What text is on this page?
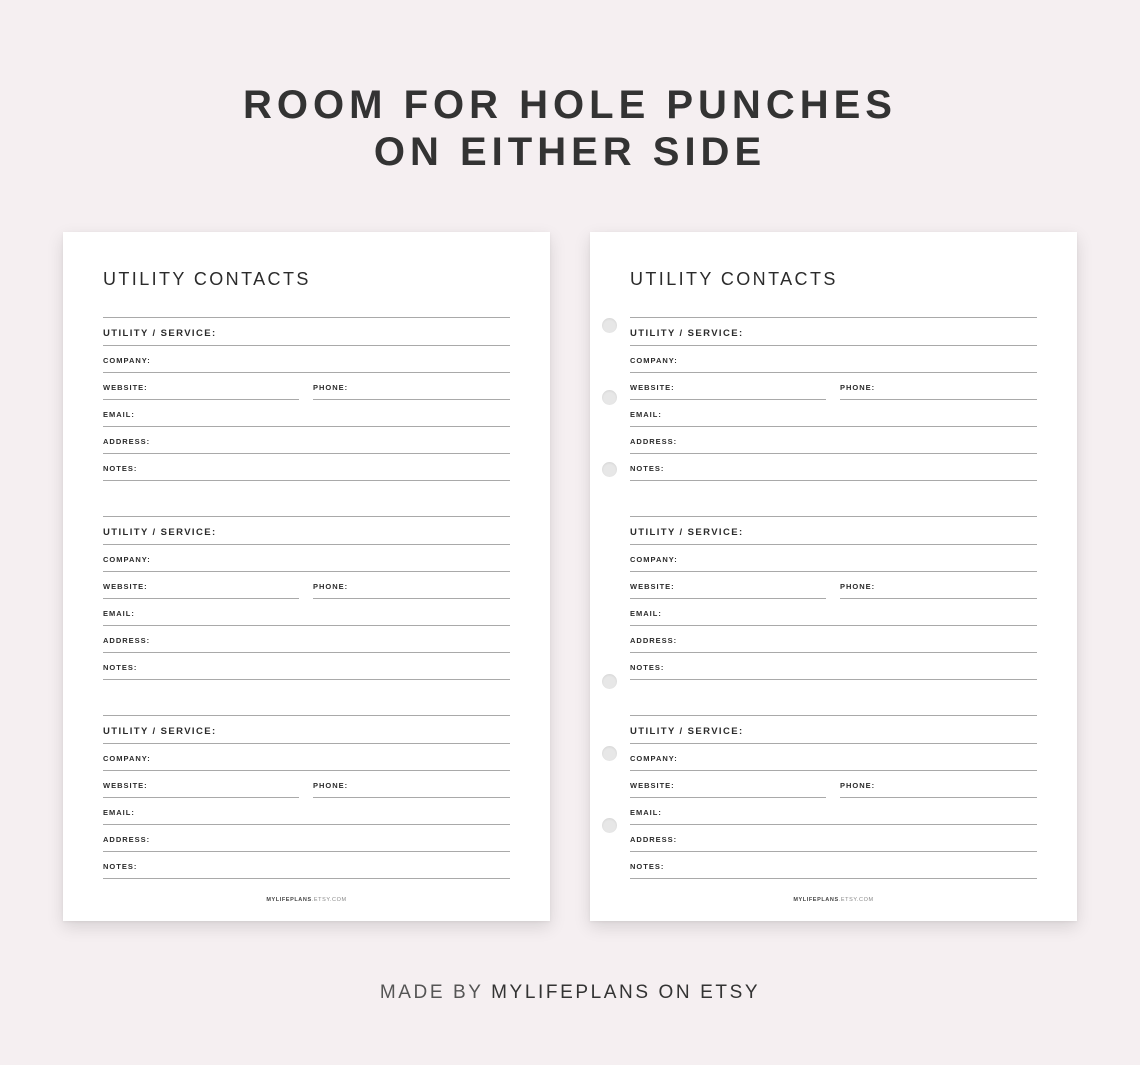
ROOM FOR HOLE PUNCHES
ON EITHER SIDE
UTILITY CONTACTS
UTILITY / SERVICE:
COMPANY:
WEBSITE:	PHONE:
EMAIL:
ADDRESS:
NOTES:
UTILITY / SERVICE:
COMPANY:
WEBSITE:	PHONE:
EMAIL:
ADDRESS:
NOTES:
UTILITY / SERVICE:
COMPANY:
WEBSITE:	PHONE:
EMAIL:
ADDRESS:
NOTES:
MYLIFEPLANS.ETSY.COM
UTILITY CONTACTS
UTILITY / SERVICE:
COMPANY:
WEBSITE:	PHONE:
EMAIL:
ADDRESS:
NOTES:
UTILITY / SERVICE:
COMPANY:
WEBSITE:	PHONE:
EMAIL:
ADDRESS:
NOTES:
UTILITY / SERVICE:
COMPANY:
WEBSITE:	PHONE:
EMAIL:
ADDRESS:
NOTES:
MYLIFEPLANS.ETSY.COM
MADE BY MYLIFEPLANS ON ETSY
